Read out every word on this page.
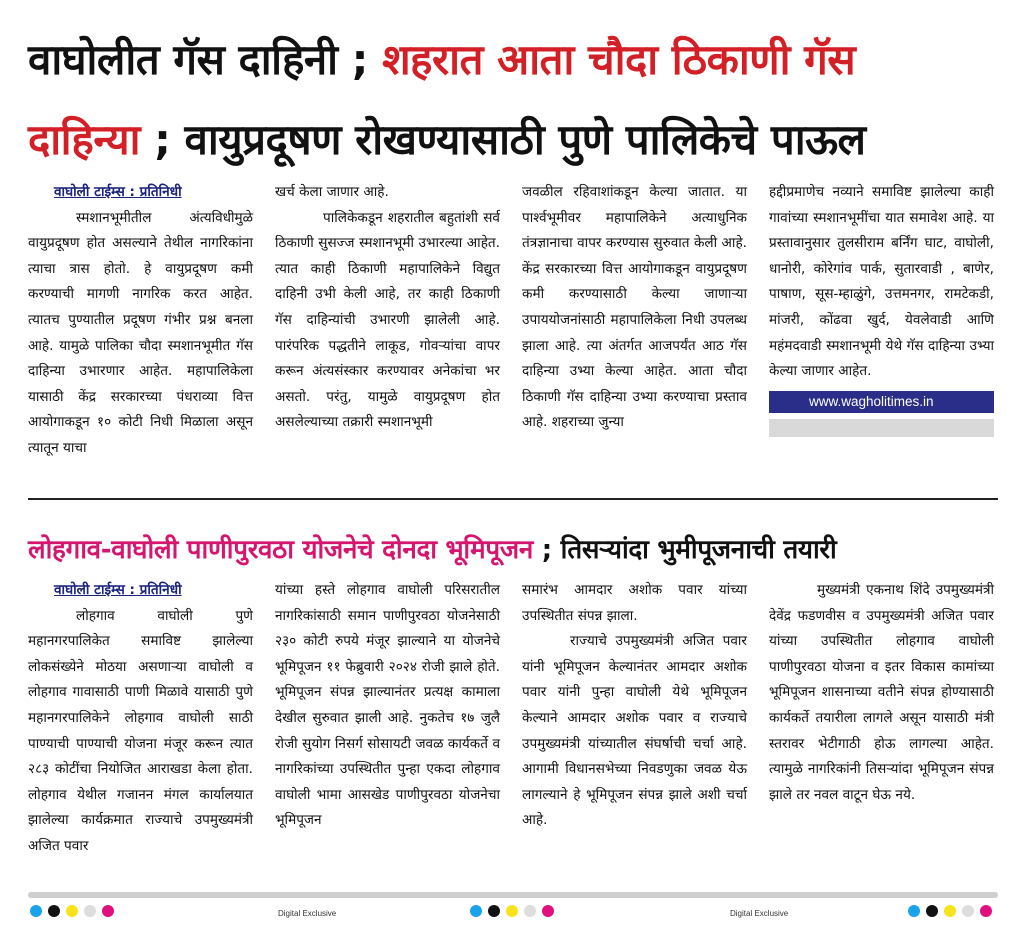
वाघोलीत गॅस दाहिनी ; शहरात आता चौदा ठिकाणी गॅस
दाहिन्या ; वायुप्रदूषण रोखण्यासाठी पुणे पालिकेचे पाऊल

वाघोली टाईम्स : प्रतिनिधी

स्मशानभूमीतील अंत्यविधीमुळे वायुप्रदूषण होत असल्याने तेथील नागरिकांना त्याचा त्रास होतो. हे वायुप्रदूषण कमी करण्याची मागणी नागरिक करत आहेत. त्यातच पुण्यातील प्रदूषण गंभीर प्रश्न बनला आहे. यामुळे पालिका चौदा स्मशानभूमीत गॅस दाहिन्या उभारणार आहेत. महापालिकेला यासाठी केंद्र सरकारच्या पंधराव्या वित्त आयोगाकडून १० कोटी निधी मिळाला असून त्यातून याचा

खर्च केला जाणार आहे.

पालिकेकडून शहरातील बहुतांशी सर्व ठिकाणी सुसज्ज स्मशानभूमी उभारल्या आहेत. त्यात काही ठिकाणी महापालिकेने विद्युत दाहिनी उभी केली आहे, तर काही ठिकाणी गॅस दाहिन्यांची उभारणी झालेली आहे. पारंपरिक पद्धतीने लाकूड, गोवऱ्यांचा वापर करून अंत्यसंस्कार करण्यावर अनेकांचा भर असतो. परंतु, यामुळे वायुप्रदूषण होत असलेल्याच्या तक्रारी स्मशानभूमी

जवळील रहिवाशांकडून केल्या जातात. या पार्श्वभूमीवर महापालिकेने अत्याधुनिक तंत्रज्ञानाचा वापर करण्यास सुरुवात केली आहे. केंद्र सरकारच्या वित्त आयोगाकडून वायुप्रदूषण कमी करण्यासाठी केल्या जाणाऱ्या उपाययोजनांसाठी महापालिकेला निधी उपलब्ध झाला आहे. त्या अंतर्गत आजपर्यंत आठ गॅस दाहिन्या उभ्या केल्या आहेत. आता चौदा ठिकाणी गॅस दाहिन्या उभ्या करण्याचा प्रस्ताव आहे. शहराच्या जुन्या

हद्दीप्रमाणेच नव्याने समाविष्ट झालेल्या काही गावांच्या स्मशानभूमींचा यात समावेश आहे. या प्रस्तावानुसार तुलसीराम बर्निंग घाट, वाघोली, धानोरी, कोरेगांव पार्क, सुतारवाडी , बाणेर, पाषाण, सूस-म्हाळुंगे, उत्तमनगर, रामटेकडी, मांजरी, कोंढवा खुर्द, येवलेवाडी आणि महंमदवाडी स्मशानभूमी येथे गॅस दाहिन्या उभ्या केल्या जाणार आहेत.

www.wagholitimes.in
लोहगाव-वाघोली पाणीपुरवठा योजनेचे दोनदा भूमिपूजन ; तिसऱ्यांदा भुमीपूजनाची तयारी

वाघोली टाईम्स : प्रतिनिधी

लोहगाव वाघोली पुणे महानगरपालिकेत समाविष्ट झालेल्या लोकसंख्येने मोठया असणाऱ्या वाघोली व लोहगाव गावासाठी पाणी मिळावे यासाठी पुणे महानगरपालिकेने लोहगाव वाघोली साठी पाण्याची पाण्याची योजना मंजूर करून त्यात २८३ कोटींचा नियोजित आराखडा केला होता. लोहगाव येथील गजानन मंगल कार्यालयात झालेल्या कार्यक्रमात राज्याचे उपमुख्यमंत्री अजित पवार

यांच्या हस्ते लोहगाव वाघोली परिसरातील नागरिकांसाठी समान पाणीपुरवठा योजनेसाठी २३० कोटी रुपये मंजूर झाल्याने या योजनेचे भूमिपूजन ११ फेब्रुवारी २०२४ रोजी झाले होते. भूमिपूजन संपन्न झाल्यानंतर प्रत्यक्ष कामाला देखील सुरुवात झाली आहे. नुकतेच १७ जुलै रोजी सुयोग निसर्ग सोसायटी जवळ कार्यकर्ते व नागरिकांच्या उपस्थितीत पुन्हा एकदा लोहगाव वाघोली भामा आसखेड पाणीपुरवठा योजनेचा भूमिपूजन

समारंभ आमदार अशोक पवार यांच्या उपस्थितीत संपन्न झाला.

राज्याचे उपमुख्यमंत्री अजित पवार यांनी भूमिपूजन केल्यानंतर आमदार अशोक पवार यांनी पुन्हा वाघोली येथे भूमिपूजन केल्याने आमदार अशोक पवार व राज्याचे उपमुख्यमंत्री यांच्यातील संघर्षाची चर्चा आहे. आगामी विधानसभेच्या निवडणुका जवळ येऊ लागल्याने हे भूमिपूजन संपन्न झाले अशी चर्चा आहे.

मुख्यमंत्री एकनाथ शिंदे उपमुख्यमंत्री देवेंद्र फडणवीस व उपमुख्यमंत्री अजित पवार यांच्या उपस्थितीत लोहगाव वाघोली पाणीपुरवठा योजना व इतर विकास कामांच्या भूमिपूजन शासनाच्या वतीने संपन्न होण्यासाठी कार्यकर्ते तयारीला लागले असून यासाठी मंत्री स्तरावर भेटीगाठी होऊ लागल्या आहेत. त्यामुळे नागरिकांनी तिसऱ्यांदा भूमिपूजन संपन्न झाले तर नवल वाटून घेऊ नये.

Digital Exclusive	Digital Exclusive
